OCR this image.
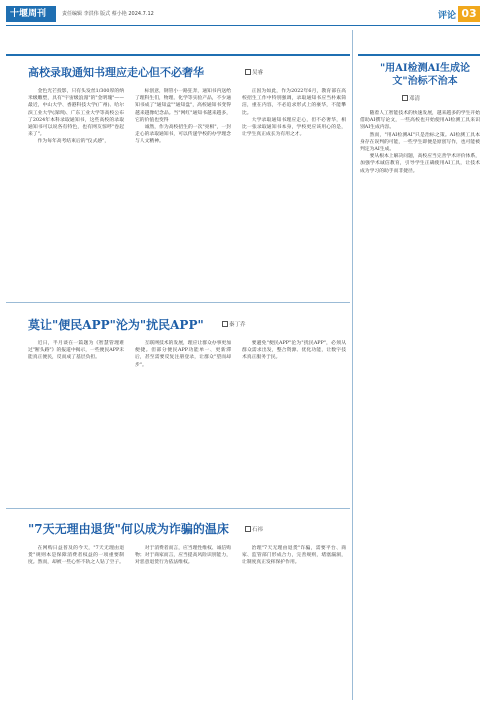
十堰周刊	责任编辑 李洪伟 版式 蔡小艳 2024.7.12	评论 03
高校录取通知书理应走心但不必奢华	吴睿

金色光芒投影，只有头发丝1/300厚的纳米级雕塑，具有"宇宙级浪漫"的"金明瑰"——最近，中山大学、香港科技大学(广州)、哈尔滨工业大学(深圳)、广东工业大学等高校公布了2024年本科录取通知书，这些高校的录取通知书可以说各有特色，也有网友惊呼"卷起来了"。

作为每年高考结束后的"仪式感"，

标创意，钢管小一路狂奔，通知书内送给了理科生们，物理、化学等实验产品，不少通知书成了"通知盒""通知盘"，高校通知书变得越来越像纪念品。当"网红"通知书越来越多，它的价值也变得

诚然，作为高校招生的一次"亮相"，一封走心的录取通知书，可以传递学校的办学理念与人文精神。

正因为如此，作为2022年6月，教育部在高校招生工作中特别强调，录取通知书应当朴素简洁，重在内容，不必追求形式上的豪华，不能攀比。

大学录取通知书理应走心，但不必奢华，相比一张录取通知书本身，学校更应该用心的是，让学生真正成长为有用之才。

莫让"便民APP"沦为"扰民APP"	秦丁乔

近日，半月谈在一篇题为《智慧管理难过"断头路"》的报道中揭示，一些便民APP未能真正便民，反而成了基层负担。

互联网技术的发展，理应让群众办事更加便捷。但部分便民APP功能单一、更新滞后，甚至需要反复注册登录，让群众"望而却步"。

要避免"便民APP"沦为"扰民APP"，必须从群众需求出发，整合资源、优化功能，让数字技术真正服务于民。

"7天无理由退货"何以成为诈骗的温床	石祎

在网购日益普及的今天，"7天无理由退货"规则本是保障消费者权益的一项重要制度。然而，却被一些心怀不轨之人钻了空子。

对于消费者而言，应当理性维权、诚信购物；对于商家而言，应当提高风险识别能力，对恶意退货行为依法维权。

治理"7天无理由退货"诈骗，需要平台、商家、监管部门形成合力，完善规则，堵塞漏洞，让制度真正发挥保护作用。

"用AI检测AI生成论文"治标不治本
邓清

随着人工智能技术的快速发展，越来越多的学生开始借助AI撰写论文，一些高校也开始使用AI检测工具来识别AI生成内容。

然而，"用AI检测AI"只是治标之策。AI检测工具本身存在误判的可能，一些学生即便是原创写作，也可能被判定为AI生成。

要从根本上解决问题，高校应当完善学术评价体系，加强学术诚信教育，引导学生正确使用AI工具，让技术成为学习的助手而非捷径。
